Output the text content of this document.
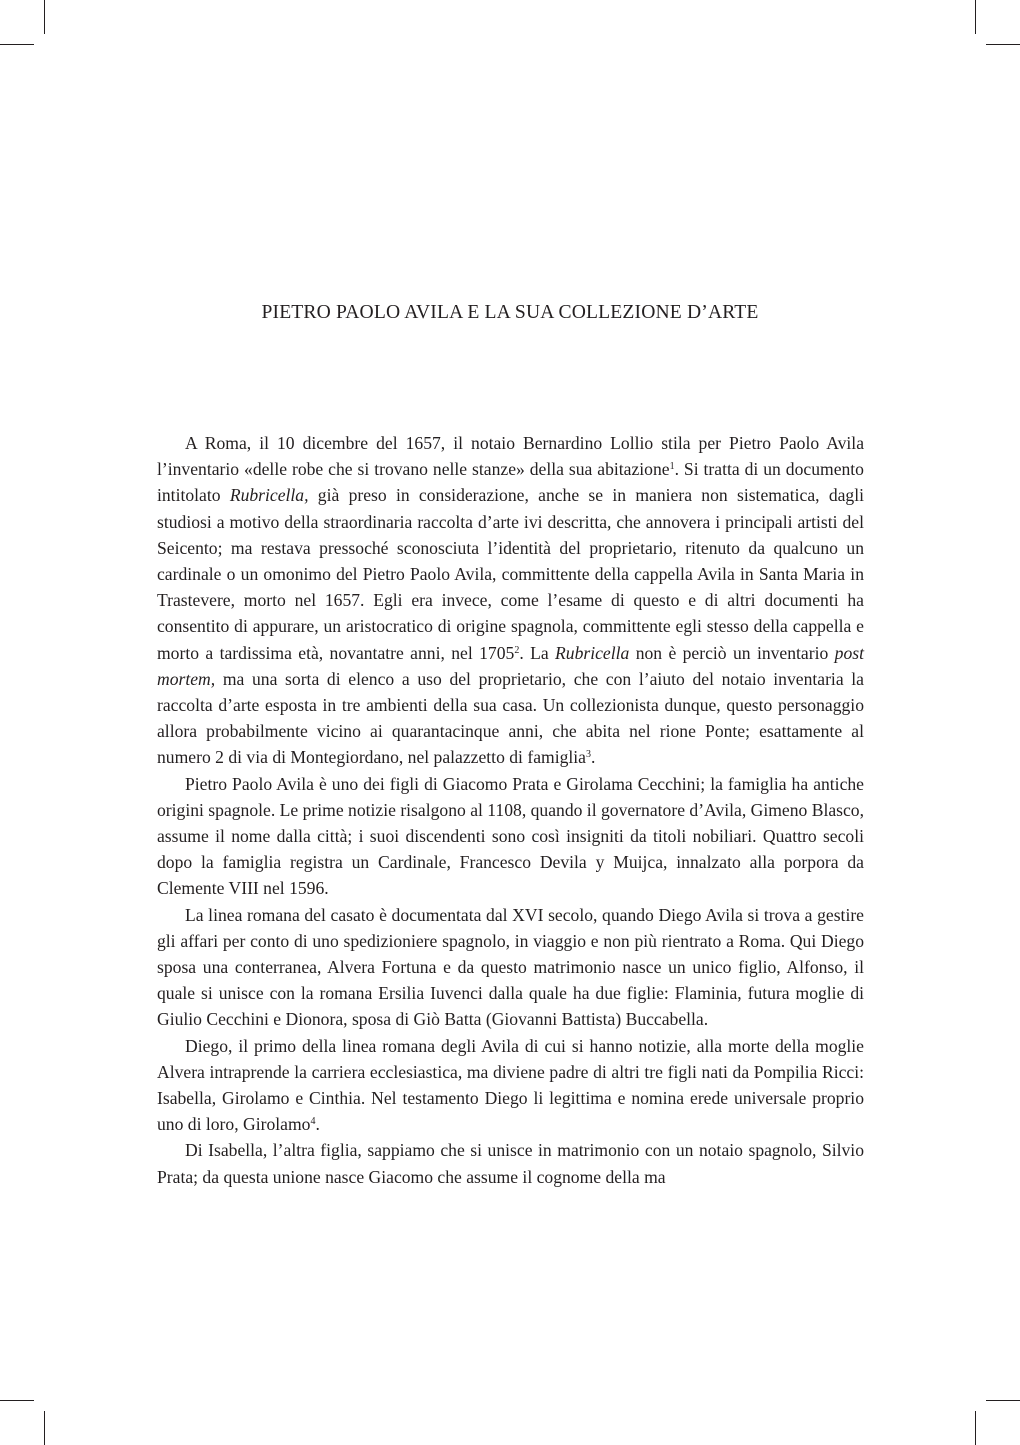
PIETRO PAOLO AVILA E LA SUA COLLEZIONE D’ARTE

A Roma, il 10 dicembre del 1657, il notaio Bernardino Lollio stila per Pietro Paolo Avila l’inventario «delle robe che si trovano nelle stanze» della sua abitazione$^1$. Si tratta di un documento intitolato Rubricella, già preso in considerazione, anche se in maniera non sistematica, dagli studiosi a motivo della straordinaria raccolta d’arte ivi descritta, che annovera i principali artisti del Seicento; ma restava pressoché sconosciuta l’identità del proprietario, ritenuto da qualcuno un cardinale o un omonimo del Pietro Paolo Avila, committente della cappella Avila in Santa Maria in Trastevere, morto nel 1657. Egli era invece, come l’esame di questo e di altri documenti ha consentito di appurare, un aristocratico di origine spagnola, committente egli stesso della cappella e morto a tardissima età, novantatre anni, nel 1705$^2$. La Rubricella non è perciò un inventario post mortem, ma una sorta di elenco a uso del proprietario, che con l’aiuto del notaio inventaria la raccolta d’arte esposta in tre ambienti della sua casa. Un collezionista dunque, questo personaggio allora probabilmente vicino ai quarantacinque anni, che abita nel rione Ponte; esattamente al numero 2 di via di Montegiordano, nel palazzetto di famiglia$^3$.

Pietro Paolo Avila è uno dei figli di Giacomo Prata e Girolama Cecchini; la famiglia ha antiche origini spagnole. Le prime notizie risalgono al 1108, quando il governatore d’Avila, Gimeno Blasco, assume il nome dalla città; i suoi discendenti sono così insigniti da titoli nobiliari. Quattro secoli dopo la famiglia registra un Cardinale, Francesco Devila y Muijca, innalzato alla porpora da Clemente VIII nel 1596.

La linea romana del casato è documentata dal XVI secolo, quando Diego Avila si trova a gestire gli affari per conto di uno spedizioniere spagnolo, in viaggio e non più rientrato a Roma. Qui Diego sposa una conterranea, Alvera Fortuna e da questo matrimonio nasce un unico figlio, Alfonso, il quale si unisce con la romana Ersilia Iuvenci dalla quale ha due figlie: Flaminia, futura moglie di Giulio Cecchini e Dionora, sposa di Giò Batta (Giovanni Battista) Buccabella.

Diego, il primo della linea romana degli Avila di cui si hanno notizie, alla morte della moglie Alvera intraprende la carriera ecclesiastica, ma diviene padre di altri tre figli nati da Pompilia Ricci: Isabella, Girolamo e Cinthia. Nel testamento Diego li legittima e nomina erede universale proprio uno di loro, Girolamo$^4$.

Di Isabella, l’altra figlia, sappiamo che si unisce in matrimonio con un notaio spagnolo, Silvio Prata; da questa unione nasce Giacomo che assume il cognome della ma
